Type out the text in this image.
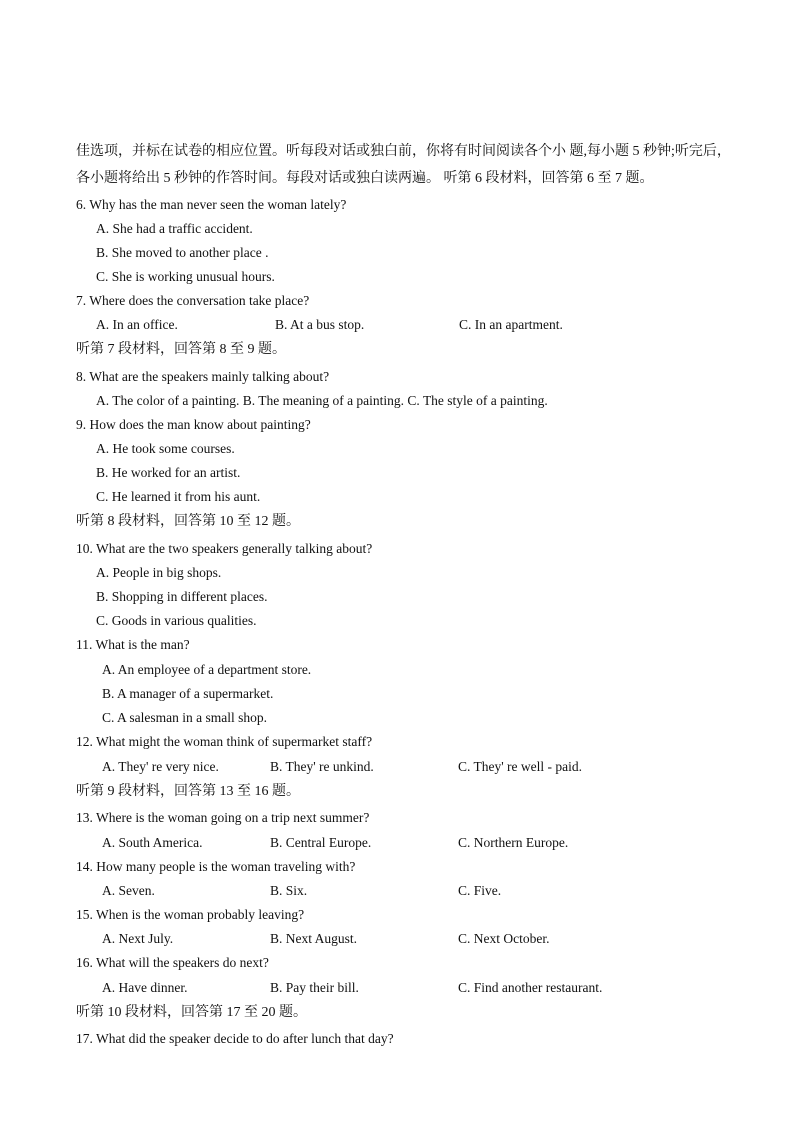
佳选项，并标在试卷的相应位置。听每段对话或独白前，你将有时间阅读各个小 题,每小题 5 秒钟;听完后，各小题将给出 5 秒钟的作答时间。每段对话或独白读两遍。 听第 6 段材料，回答第 6 至 7 题。

6. Why has the man never seen the woman lately?
A. She had a traffic accident.
B. She moved to another place .
C. She is working unusual hours.
7. Where does the conversation take place?
A. In an office.	B. At a bus stop.	C. In an apartment.
听第 7 段材料，回答第 8 至 9 题。
8. What are the speakers mainly talking about?
A. The color of a painting. B. The meaning of a painting. C. The style of a painting.
9. How does the man know about painting?
A. He took some courses.
B. He worked for an artist.
C. He learned it from his aunt.
听第 8 段材料，回答第 10 至 12 题。
10. What are the two speakers generally talking about?
A. People in big shops.
B. Shopping in different places.
C. Goods in various qualities.
11. What is the man?
A. An employee of a department store.
B. A manager of a supermarket.
C. A salesman in a small shop.
12. What might the woman think of supermarket staff?
A. They' re very nice.	B. They' re unkind.	C. They' re well - paid.
听第 9 段材料，回答第 13 至 16 题。
13. Where is the woman going on a trip next summer?
A. South America.	B. Central Europe.	C. Northern Europe.
14. How many people is the woman traveling with?
A. Seven.	B. Six.	C. Five.
15. When is the woman probably leaving?
A. Next July.	B. Next August.	C. Next October.
16. What will the speakers do next?
A. Have dinner.	B. Pay their bill.	C. Find another restaurant.
听第 10 段材料，回答第 17 至 20 题。
17. What did the speaker decide to do after lunch that day?
